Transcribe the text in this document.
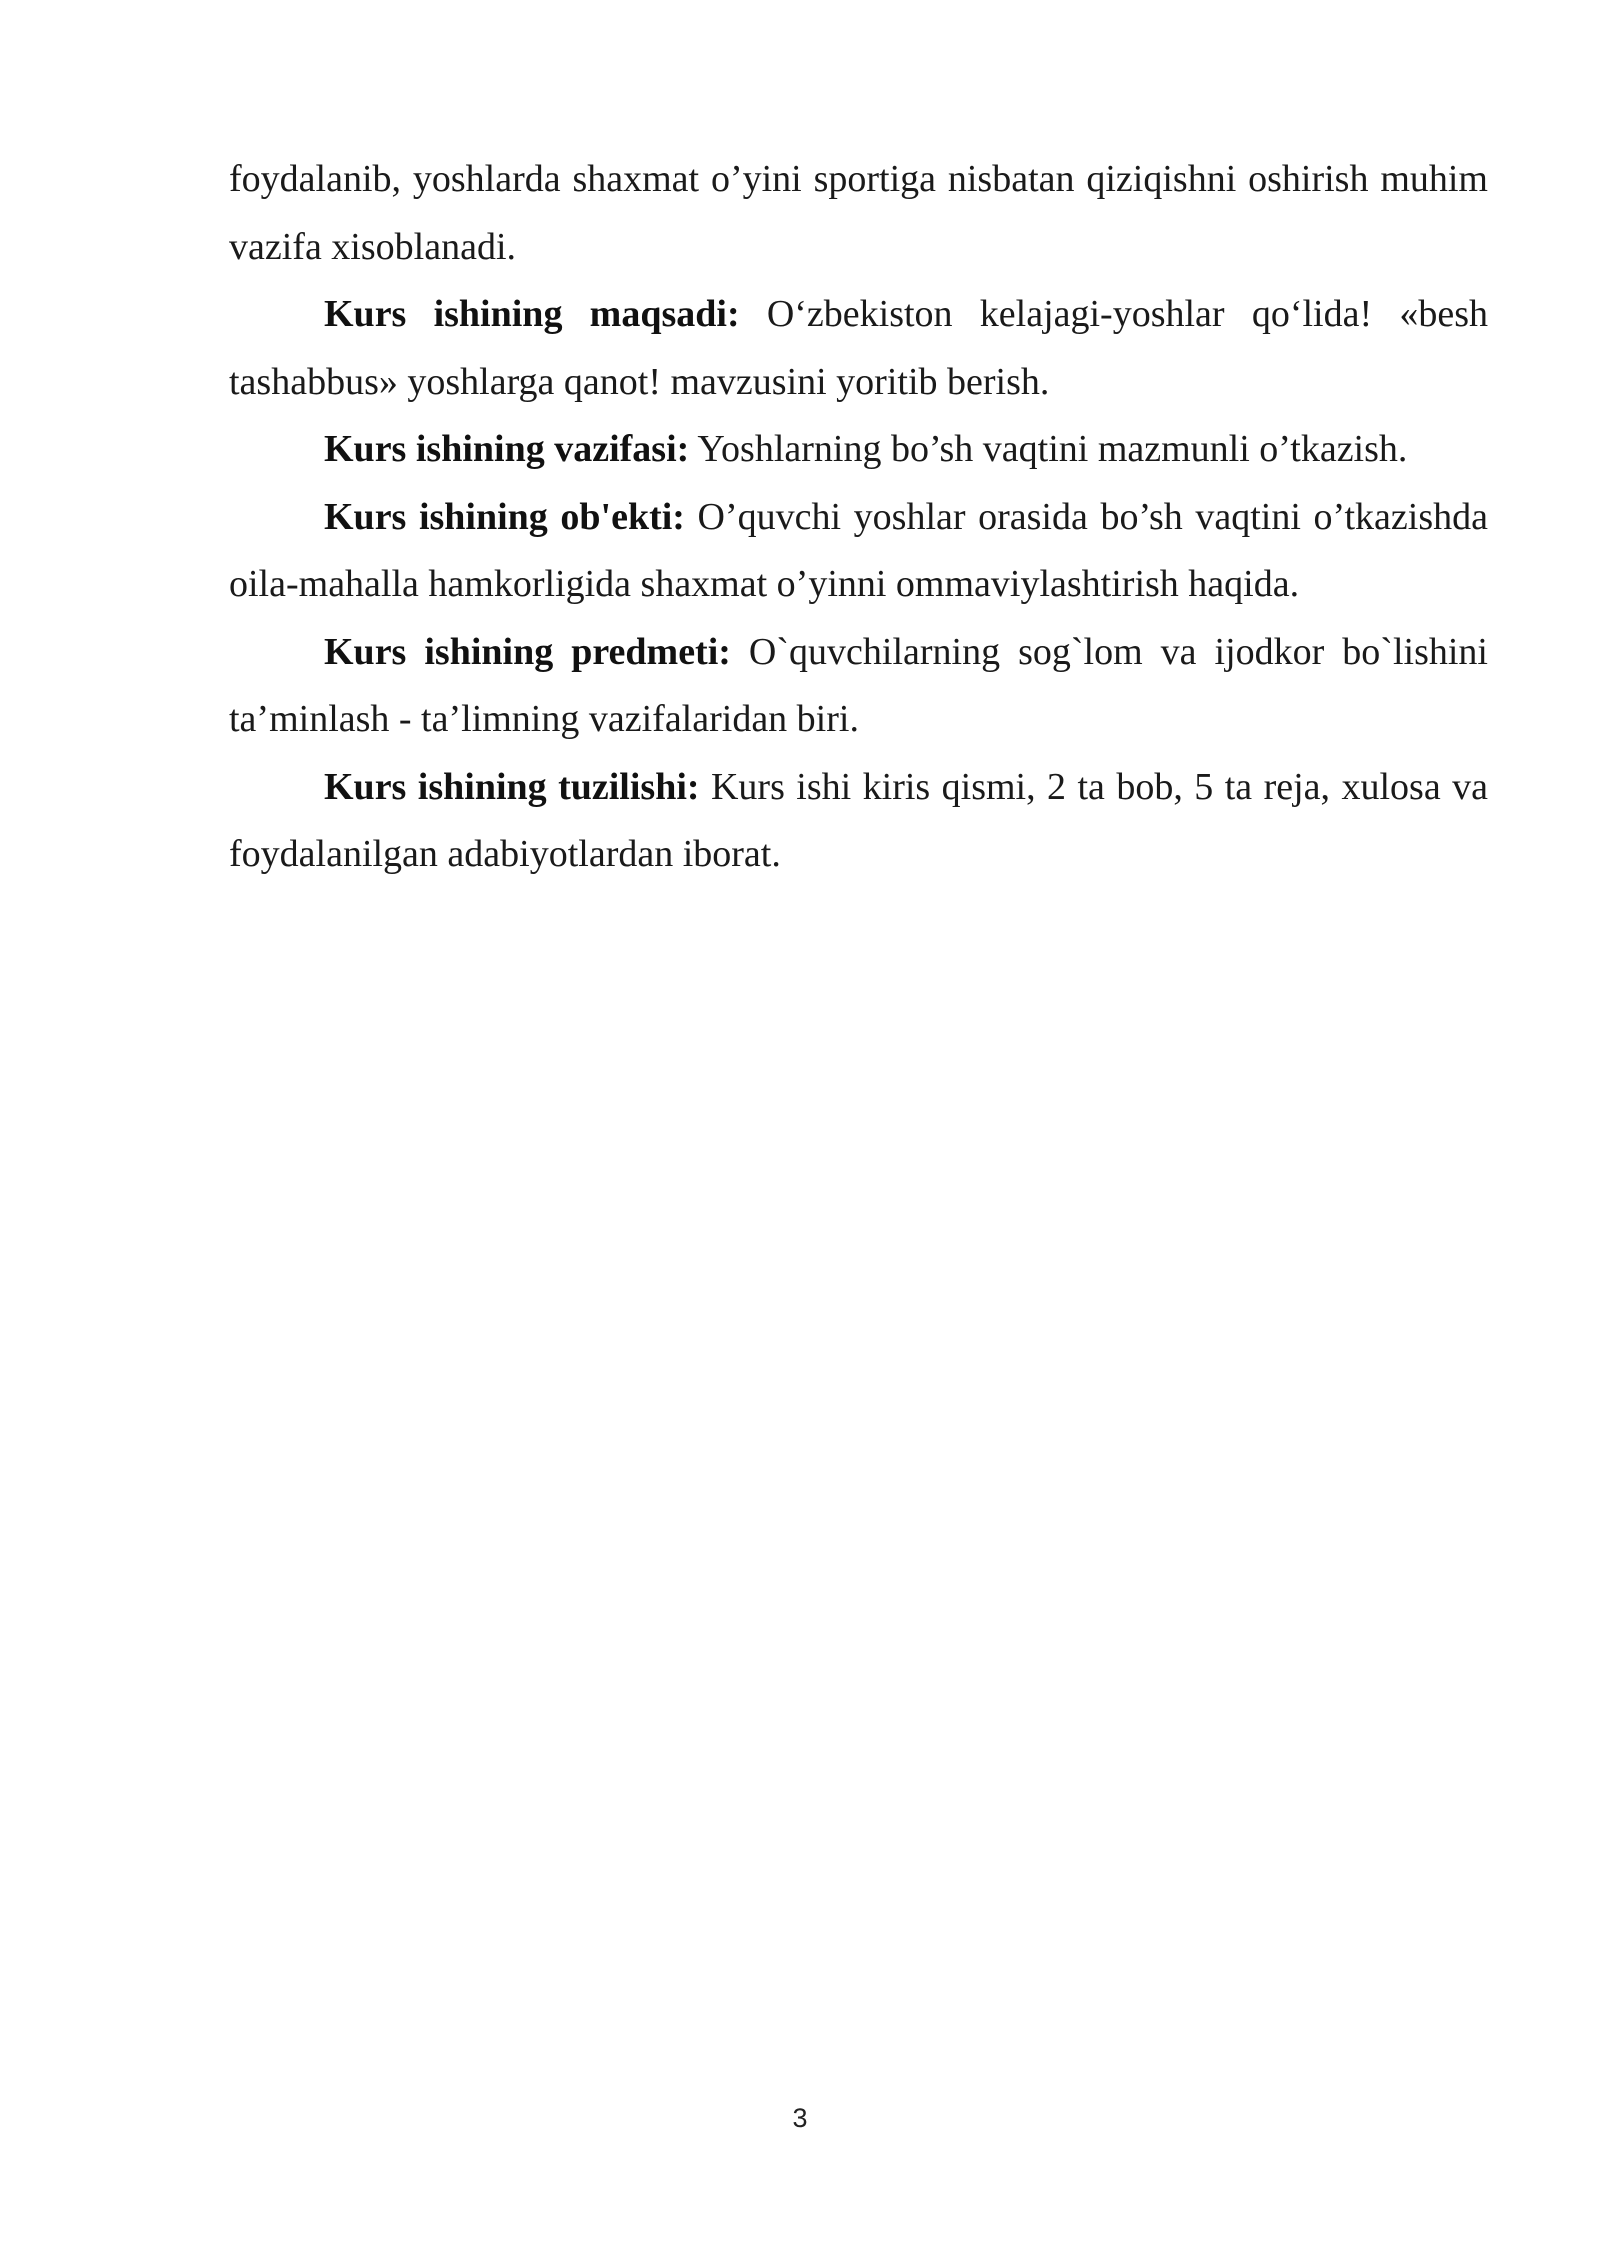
foydalanib, yoshlarda shaxmat o’yini sportiga nisbatan qiziqishni oshirish muhim vazifa xisoblanadi.

Kurs ishining maqsadi: O‘zbekiston kelajagi-yoshlar qo‘lida! «besh tashabbus» yoshlarga qanot! mavzusini yoritib berish.

Kurs ishining vazifasi: Yoshlarning bo’sh vaqtini mazmunli o’tkazish.

Kurs ishining ob'ekti: O’quvchi yoshlar orasida bo’sh vaqtini o’tkazishda oila-mahalla hamkorligida shaxmat o’yinni ommaviylashtirish haqida.

Kurs ishining predmeti: O`quvchilarning sog`lom va ijodkor bo`lishini ta’minlash - ta’limning vazifalaridan biri.

Kurs ishining tuzilishi: Kurs ishi kiris qismi, 2 ta bob, 5 ta reja, xulosa va foydalanilgan adabiyotlardan iborat.

3
